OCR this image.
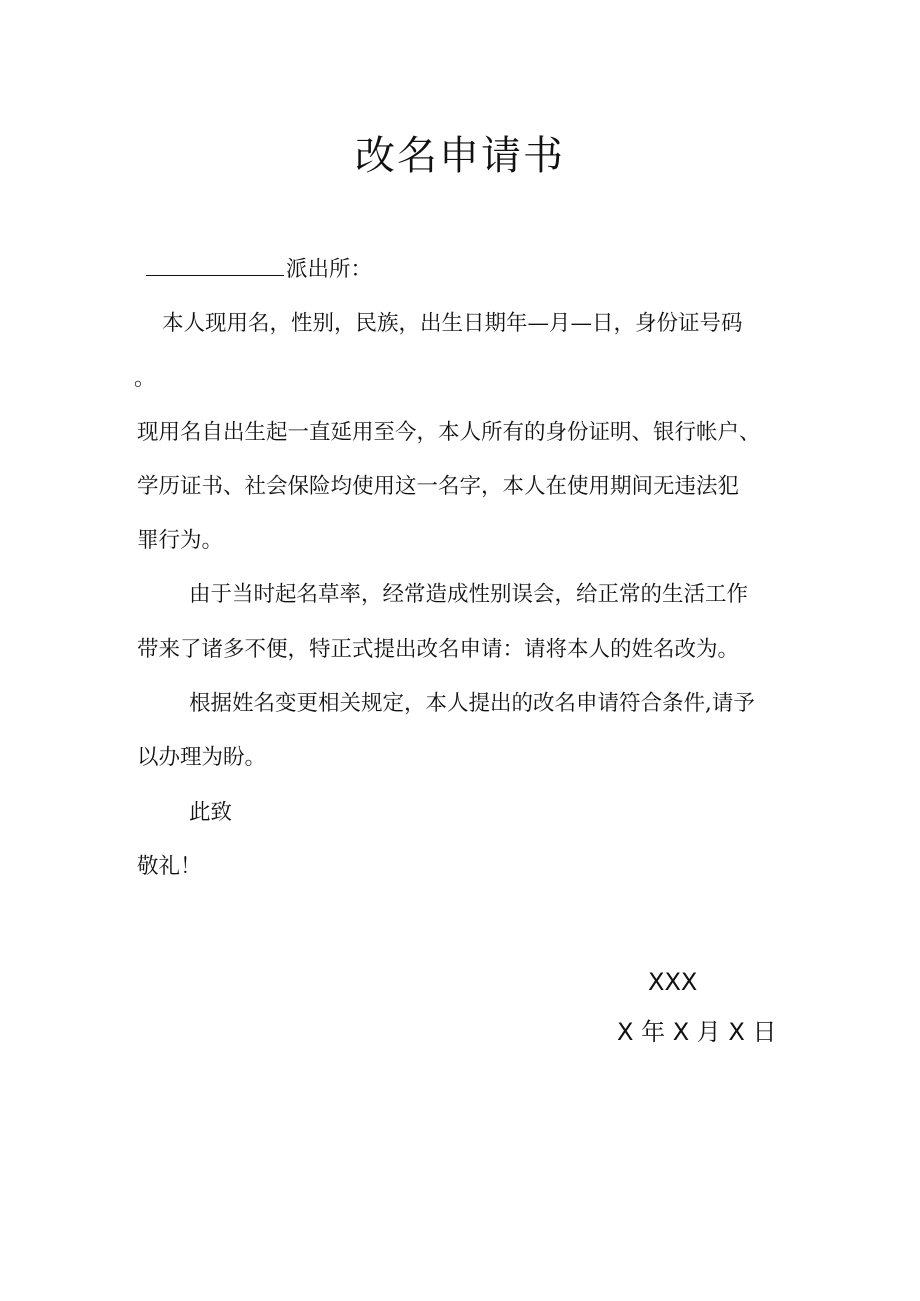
改名申请书

派出所：

本人现用名，性别，民族，出生日期年—月—日，身份证号码

。

现用名自出生起一直延用至今，本人所有的身份证明、银行帐户、

学历证书、社会保险均使用这一名字，本人在使用期间无违法犯

罪行为。

由于当时起名草率，经常造成性别误会，给正常的生活工作

带来了诸多不便，特正式提出改名申请：请将本人的姓名改为。

根据姓名变更相关规定，本人提出的改名申请符合条件,请予

以办理为盼。

此致

敬礼！

XXX

X 年 X 月 X 日
